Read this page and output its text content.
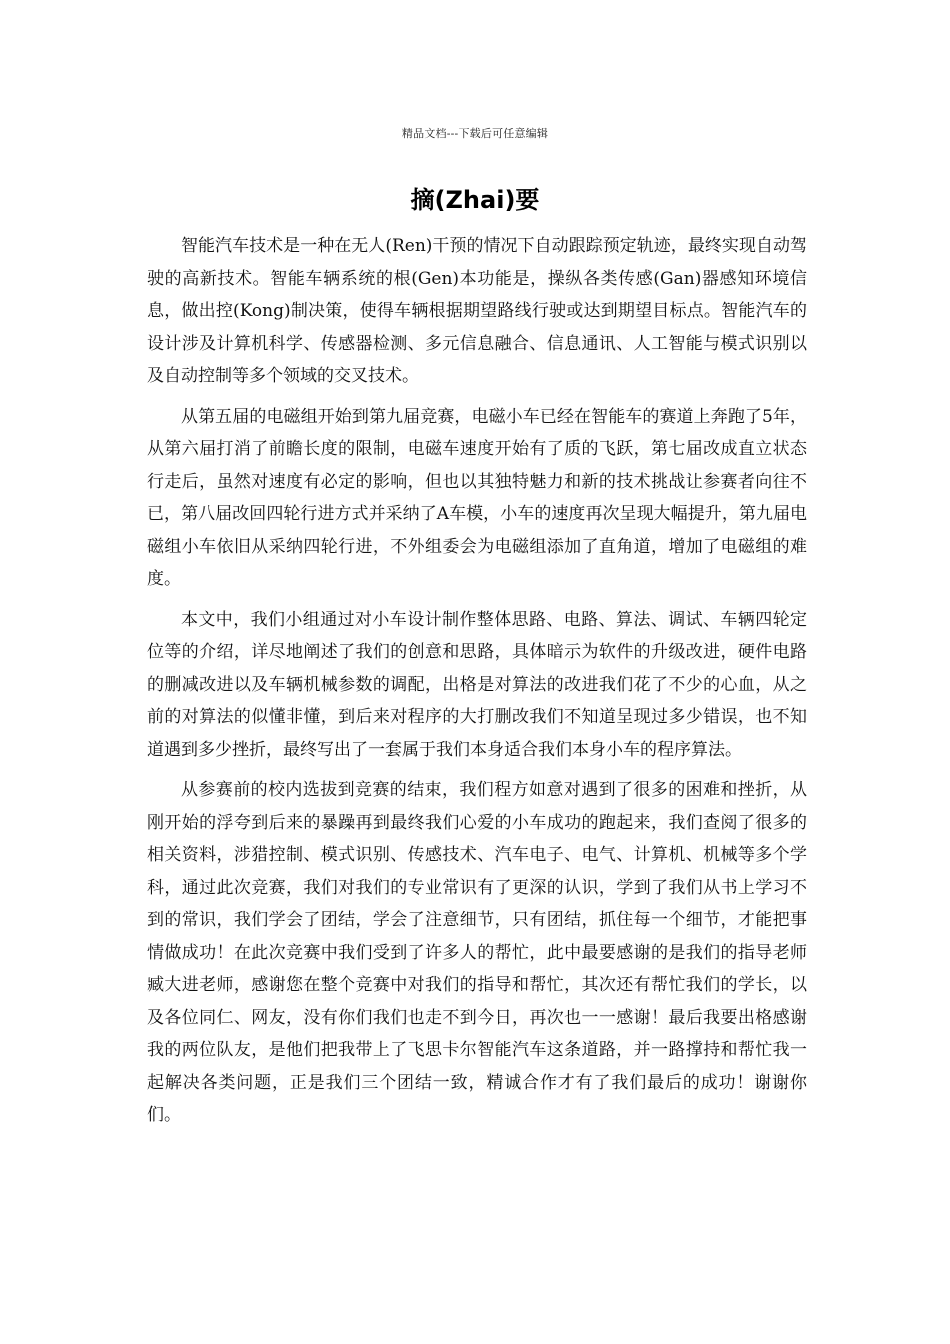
精品文档---下载后可任意编辑
摘(Zhai)要

智能汽车技术是一种在无人(Ren)干预的情况下自动跟踪预定轨迹，最终实现自动驾驶的高新技术。智能车辆系统的根(Gen)本功能是，操纵各类传感(Gan)器感知环境信息，做出控(Kong)制决策，使得车辆根据期望路线行驶或达到期望目标点。智能汽车的设计涉及计算机科学、传感器检测、多元信息融合、信息通讯、人工智能与模式识别以及自动控制等多个领域的交叉技术。

从第五届的电磁组开始到第九届竞赛，电磁小车已经在智能车的赛道上奔跑了5年，从第六届打消了前瞻长度的限制，电磁车速度开始有了质的飞跃，第七届改成直立状态行走后，虽然对速度有必定的影响，但也以其独特魅力和新的技术挑战让参赛者向往不已，第八届改回四轮行进方式并采纳了A车模，小车的速度再次呈现大幅提升，第九届电磁组小车依旧从采纳四轮行进，不外组委会为电磁组添加了直角道，增加了电磁组的难度。

本文中，我们小组通过对小车设计制作整体思路、电路、算法、调试、车辆四轮定位等的介绍，详尽地阐述了我们的创意和思路，具体暗示为软件的升级改进，硬件电路的删减改进以及车辆机械参数的调配，出格是对算法的改进我们花了不少的心血，从之前的对算法的似懂非懂，到后来对程序的大打删改我们不知道呈现过多少错误，也不知道遇到多少挫折，最终写出了一套属于我们本身适合我们本身小车的程序算法。

从参赛前的校内选拔到竞赛的结束，我们程方如意对遇到了很多的困难和挫折，从刚开始的浮夸到后来的暴躁再到最终我们心爱的小车成功的跑起来，我们查阅了很多的相关资料，涉猎控制、模式识别、传感技术、汽车电子、电气、计算机、机械等多个学科，通过此次竞赛，我们对我们的专业常识有了更深的认识，学到了我们从书上学习不到的常识，我们学会了团结，学会了注意细节，只有团结，抓住每一个细节，才能把事情做成功！在此次竞赛中我们受到了许多人的帮忙，此中最要感谢的是我们的指导老师臧大进老师，感谢您在整个竞赛中对我们的指导和帮忙，其次还有帮忙我们的学长，以及各位同仁、网友，没有你们我们也走不到今日，再次也一一感谢！最后我要出格感谢我的两位队友，是他们把我带上了飞思卡尔智能汽车这条道路，并一路撑持和帮忙我一起解决各类问题，正是我们三个团结一致，精诚合作才有了我们最后的成功！谢谢你们。
